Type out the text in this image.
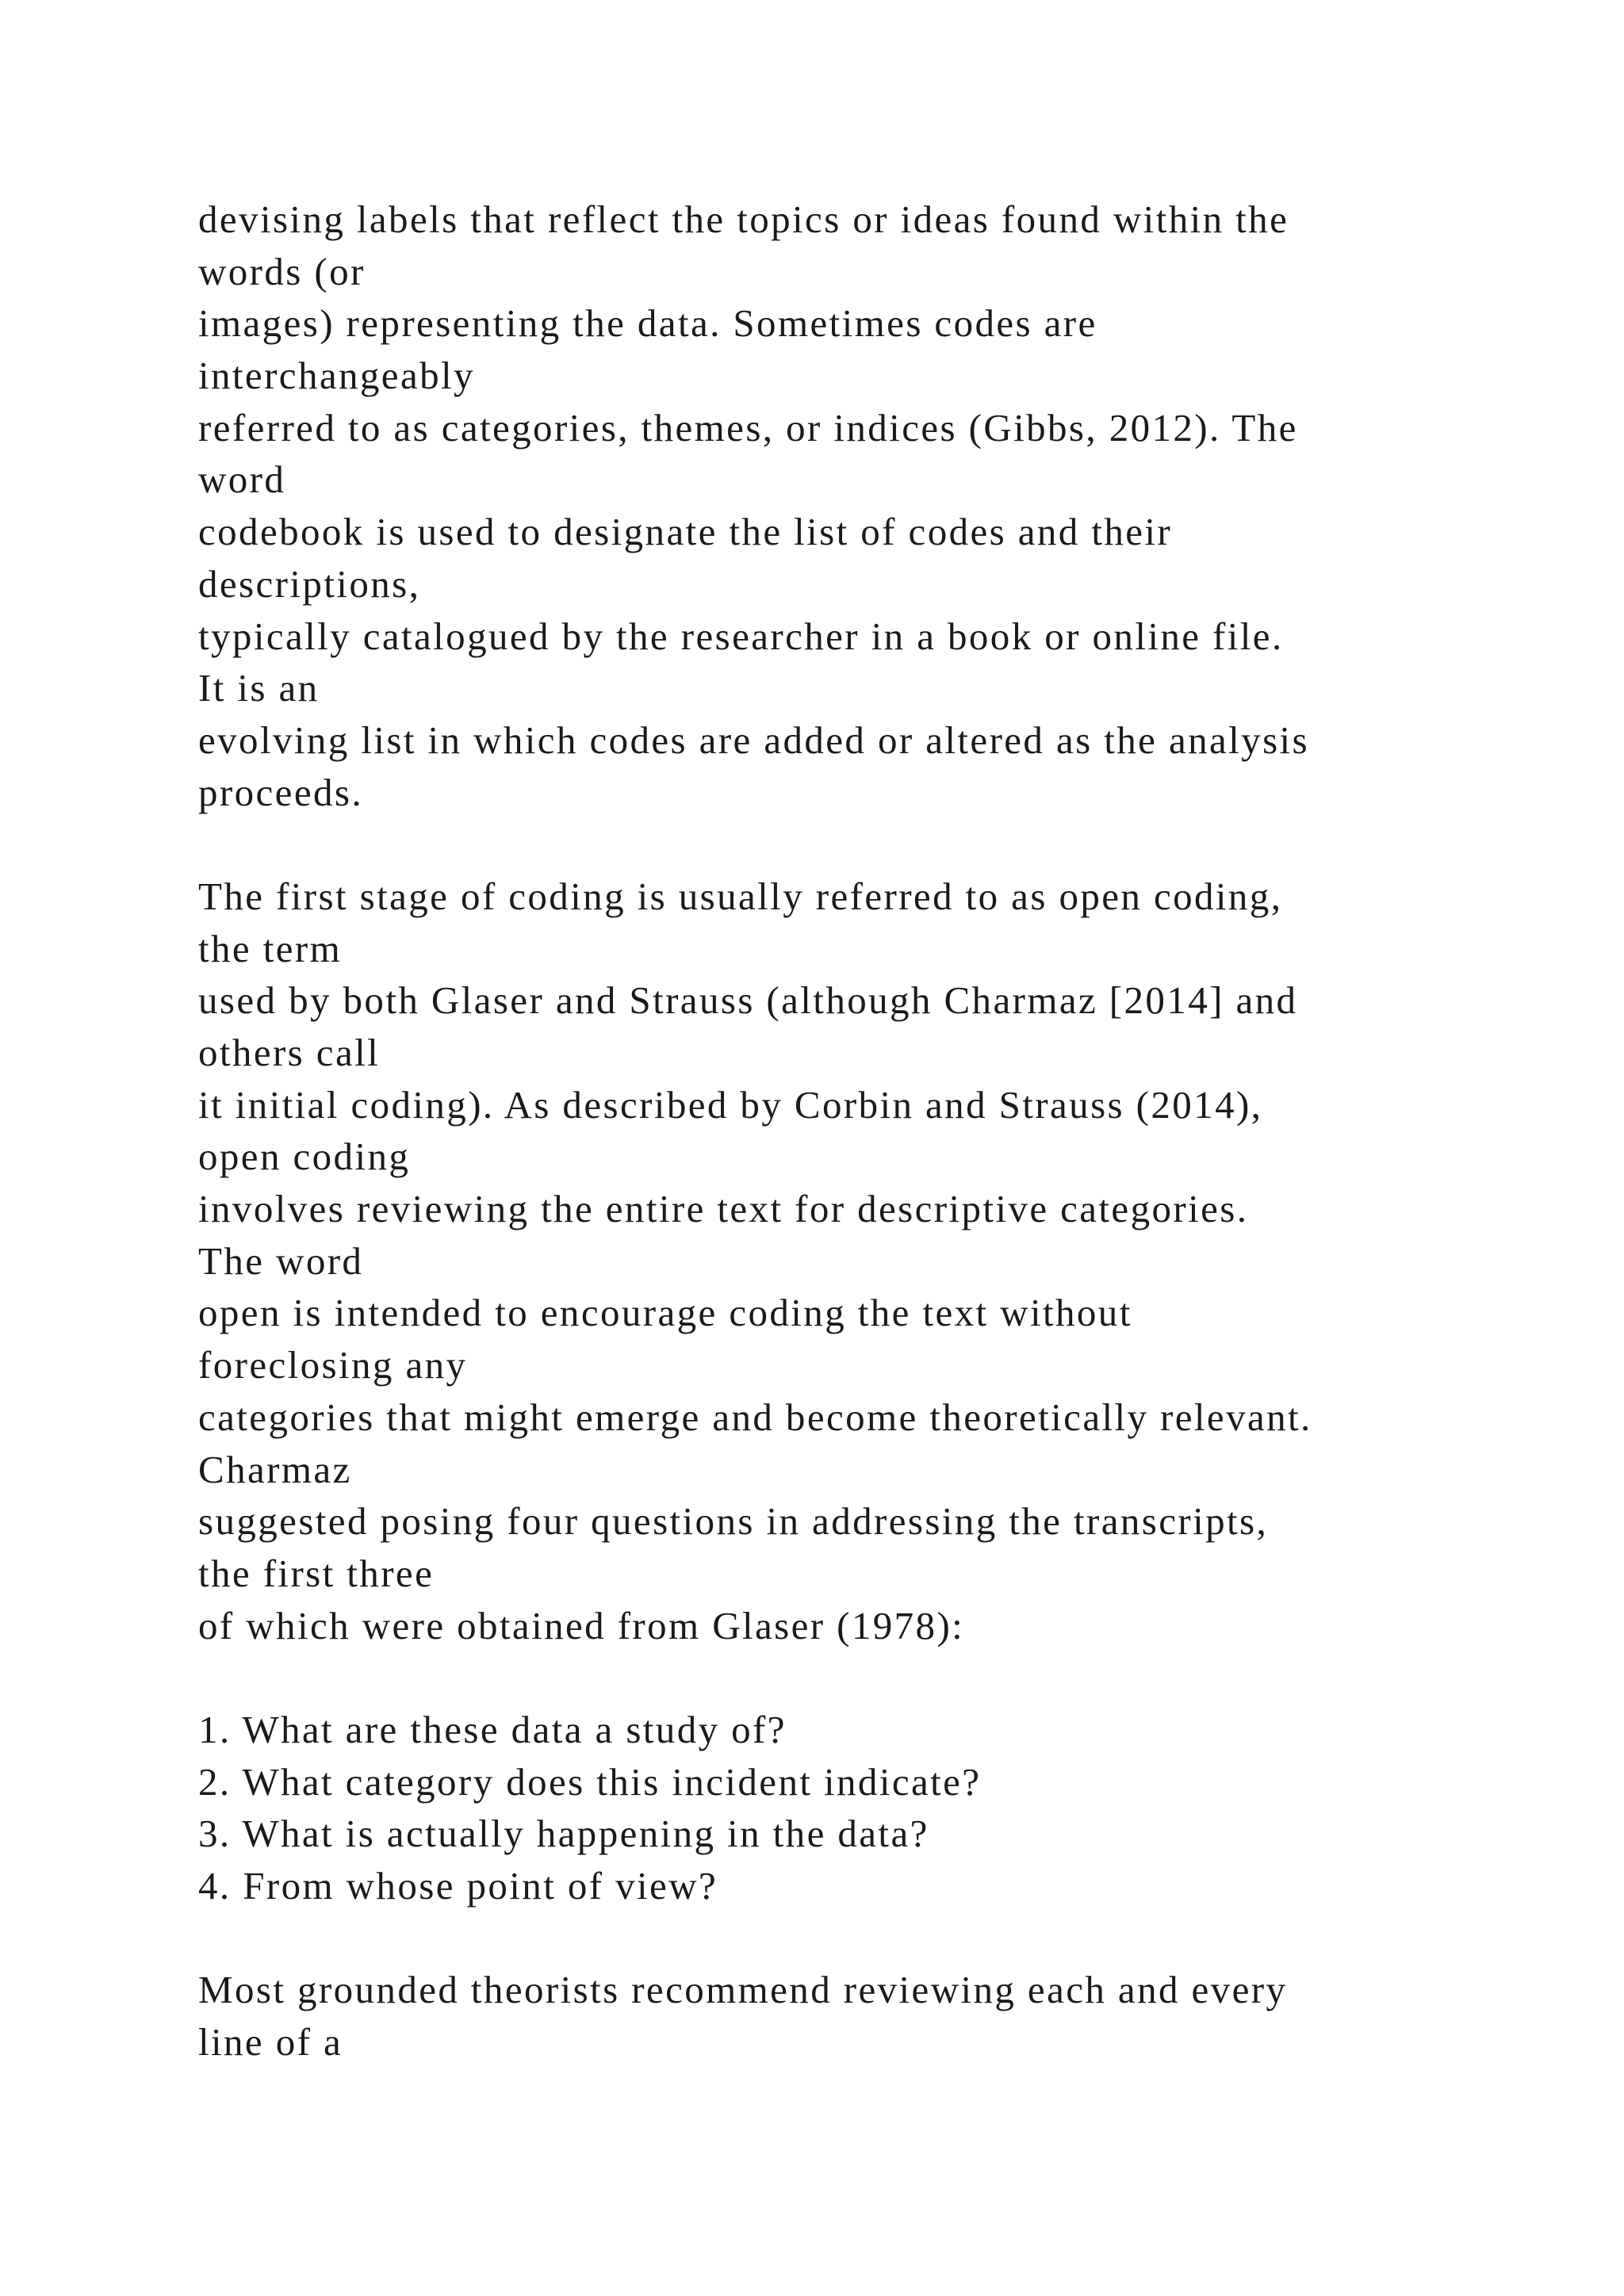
devising labels that reflect the topics or ideas found within the
words (or
images) representing the data. Sometimes codes are
interchangeably
referred to as categories, themes, or indices (Gibbs, 2012). The
word
codebook is used to designate the list of codes and their
descriptions,
typically catalogued by the researcher in a book or online file.
It is an
evolving list in which codes are added or altered as the analysis
proceeds.
The first stage of coding is usually referred to as open coding,
the term
used by both Glaser and Strauss (although Charmaz [2014] and
others call
it initial coding). As described by Corbin and Strauss (2014),
open coding
involves reviewing the entire text for descriptive categories.
The word
open is intended to encourage coding the text without
foreclosing any
categories that might emerge and become theoretically relevant.
Charmaz
suggested posing four questions in addressing the transcripts,
the first three
of which were obtained from Glaser (1978):
1. What are these data a study of?
2. What category does this incident indicate?
3. What is actually happening in the data?
4. From whose point of view?
Most grounded theorists recommend reviewing each and every
line of a
